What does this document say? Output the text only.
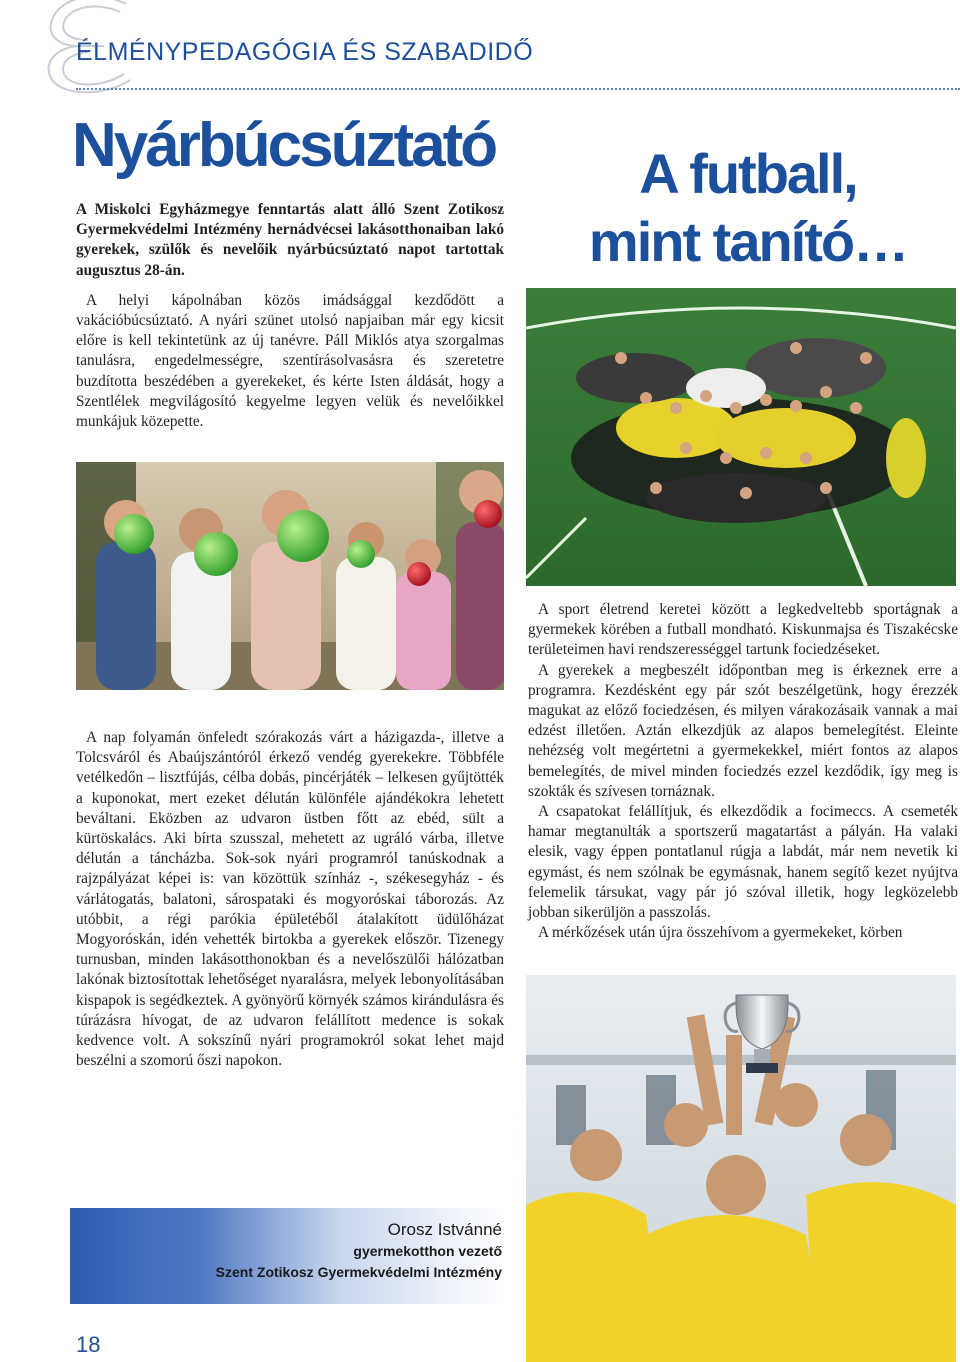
ÉLMÉNYPEDAGÓGIA ÉS SZABADIDŐ
Nyárbúcsúztató

A Miskolci Egyházmegye fenntartás alatt álló Szent Zotikosz Gyermekvédelmi Intézmény hernádvécsei lakásotthonaiban lakó gyerekek, szülők és nevelőik nyárbúcsúztató napot tartottak augusztus 28-án.

A helyi kápolnában közös imádsággal kezdődött a vakációbúcsúztató. A nyári szünet utolsó napjaiban már egy kicsit előre is kell tekintetünk az új tanévre. Páll Miklós atya szorgalmas tanulásra, engedelmességre, szentírásolvasásra és szeretetre buzdította beszédében a gyerekeket, és kérte Isten áldását, hogy a Szentlélek megvilágosító kegyelme legyen velük és nevelőikkel munkájuk közepette.

A nap folyamán önfeledt szórakozás várt a házigazda-, illetve a Tolcsváról és Abaújszántóról érkező vendég gyerekekre. Többféle vetélkedőn – lisztfújás, célba dobás, pincérjáték – lelkesen gyűjtötték a kuponokat, mert ezeket délután különféle ajándékokra lehetett beváltani. Eközben az udvaron üstben főtt az ebéd, sült a kürtöskalács. Aki bírta szusszal, mehetett az ugráló várba, illetve délután a táncházba. Sok-sok nyári programról tanúskodnak a rajzpályázat képei is: van közöttük színház -, székesegyház - és várlátogatás, balatoni, sárospataki és mogyoróskai táborozás. Az utóbbit, a régi parókia épületéből átalakított üdülőházat Mogyoróskán, idén vehették birtokba a gyerekek először. Tizenegy turnusban, minden lakásotthonokban és a nevelőszülői hálózatban lakónak biztosítottak lehetőséget nyaralásra, melyek lebonyolításában kispapok is segédkeztek. A gyönyörű környék számos kirándulásra és túrázásra hívogat, de az udvaron felállított medence is sokak kedvence volt. A sokszínű nyári programokról sokat lehet majd beszélni a szomorú őszi napokon.

Orosz Istvánné
gyermekotthon vezető
Szent Zotikosz Gyermekvédelmi Intézmény
A futball,
mint tanító…

A sport életrend keretei között a legkedveltebb sportágnak a gyermekek körében a futball mondható. Kiskunmajsa és Tiszakécske területeimen havi rendszerességgel tartunk fociedzéseket.

A gyerekek a megbeszélt időpontban meg is érkeznek erre a programra. Kezdésként egy pár szót beszélgetünk, hogy érezzék magukat az előző fociedzésen, és milyen várakozásaik vannak a mai edzést illetően. Aztán elkezdjük az alapos bemelegítést. Eleinte nehézség volt megértetni a gyermekekkel, miért fontos az alapos bemelegítés, de mivel minden fociedzés ezzel kezdődik, így meg is szokták és szívesen tornáznak.

A csapatokat felállítjuk, és elkezdődik a focimeccs. A csemeték hamar megtanulták a sportszerű magatartást a pályán. Ha valaki elesik, vagy éppen pontatlanul rúgja a labdát, már nem nevetik ki egymást, és nem szólnak be egymásnak, hanem segítő kezet nyújtva felemelik társukat, vagy pár jó szóval illetik, hogy legközelebb jobban sikerüljön a passzolás.

A mérkőzések után újra összehívom a gyermekeket, körben

18
